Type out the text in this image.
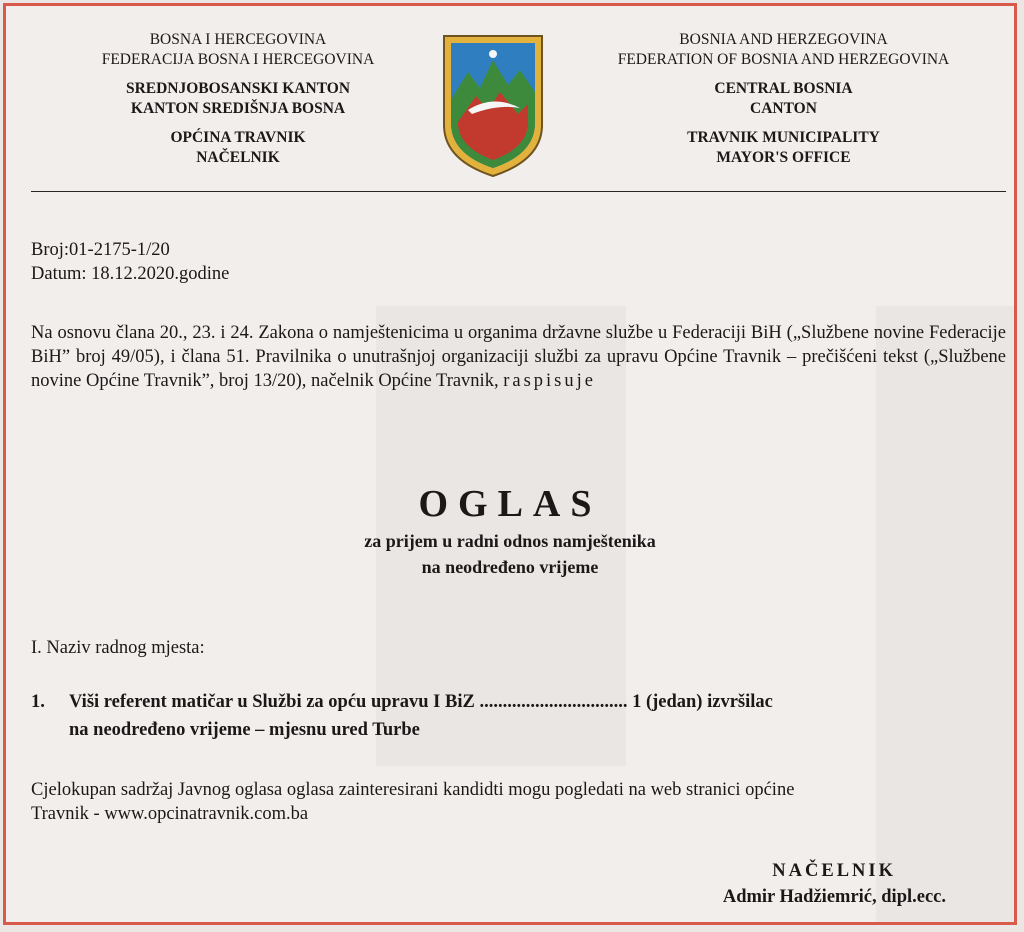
BOSNA I HERCEGOVINA
FEDERACIJA BOSNA I HERCEGOVINA
SREDNJOBOSANSKI KANTON
KANTON SREDIŠNJA BOSNA
OPĆINA TRAVNIK
NAČELNIK
BOSNIA AND HERZEGOVINA
FEDERATION OF BOSNIA AND HERZEGOVINA
CENTRAL BOSNIA
CANTON
TRAVNIK MUNICIPALITY
MAYOR'S OFFICE
Broj:01-2175-1/20
Datum: 18.12.2020.godine
Na osnovu člana 20., 23. i 24. Zakona o namještenicima u organima državne službe u Federaciji BiH („Službene novine Federacije BiH” broj 49/05), i člana 51. Pravilnika o unutrašnjoj organizaciji službi za upravu Općine Travnik – prečišćeni tekst („Službene novine Općine Travnik”, broj 13/20), načelnik Općine Travnik, raspisuje
OGLAS
za prijem u radni odnos namještenika
na neodređeno vrijeme
I. Naziv radnog mjesta:
1. Viši referent matičar u Službi za opću upravu I BiZ ................................ 1 (jedan) izvršilac
na neodređeno vrijeme – mjesnu ured Turbe
Cjelokupan sadržaj Javnog oglasa oglasa zainteresirani kandidti mogu pogledati na web stranici općine
Travnik - www.opcinatravnik.com.ba
NAČELNIK
Admir Hadžiemrić, dipl.ecc.
